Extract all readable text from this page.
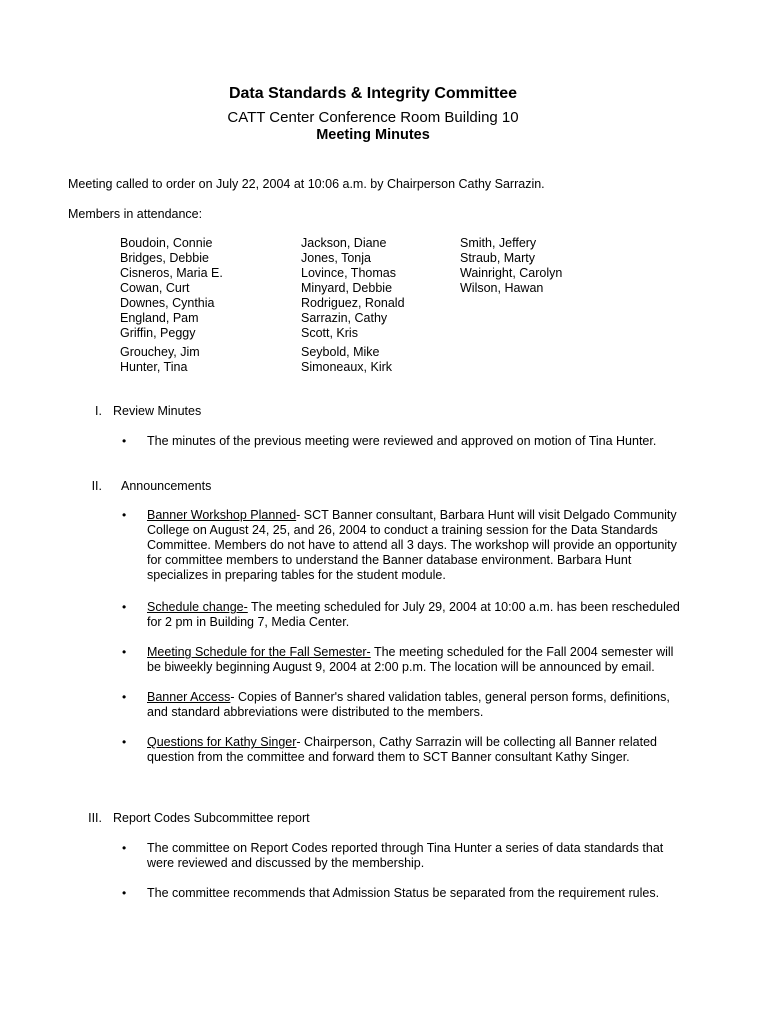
Data Standards & Integrity Committee
CATT Center Conference Room Building 10
Meeting Minutes
Meeting called to order on July 22, 2004 at 10:06 a.m. by Chairperson Cathy Sarrazin.
Members in attendance:
Boudoin, Connie
Bridges, Debbie
Cisneros, Maria E.
Cowan, Curt
Downes, Cynthia
England, Pam
Griffin, Peggy
Grouchey, Jim
Hunter, Tina
Jackson, Diane
Jones, Tonja
Lovince, Thomas
Minyard, Debbie
Rodriguez, Ronald
Sarrazin, Cathy
Scott, Kris
Seybold, Mike
Simoneaux, Kirk
Smith, Jeffery
Straub, Marty
Wainright, Carolyn
Wilson, Hawan
I. Review Minutes
• The minutes of the previous meeting were reviewed and approved on motion of Tina Hunter.
II. Announcements
• Banner Workshop Planned- SCT Banner consultant, Barbara Hunt will visit Delgado Community College on August 24, 25, and 26, 2004 to conduct a training session for the Data Standards Committee. Members do not have to attend all 3 days. The workshop will provide an opportunity for committee members to understand the Banner database environment. Barbara Hunt specializes in preparing tables for the student module.
• Schedule change- The meeting scheduled for July 29, 2004 at 10:00 a.m. has been rescheduled for 2 pm in Building 7, Media Center.
• Meeting Schedule for the Fall Semester- The meeting scheduled for the Fall 2004 semester will be biweekly beginning August 9, 2004 at 2:00 p.m. The location will be announced by email.
• Banner Access- Copies of Banner's shared validation tables, general person forms, definitions, and standard abbreviations were distributed to the members.
• Questions for Kathy Singer- Chairperson, Cathy Sarrazin will be collecting all Banner related question from the committee and forward them to SCT Banner consultant Kathy Singer.
III. Report Codes Subcommittee report
• The committee on Report Codes reported through Tina Hunter a series of data standards that were reviewed and discussed by the membership.
• The committee recommends that Admission Status be separated from the requirement rules.
